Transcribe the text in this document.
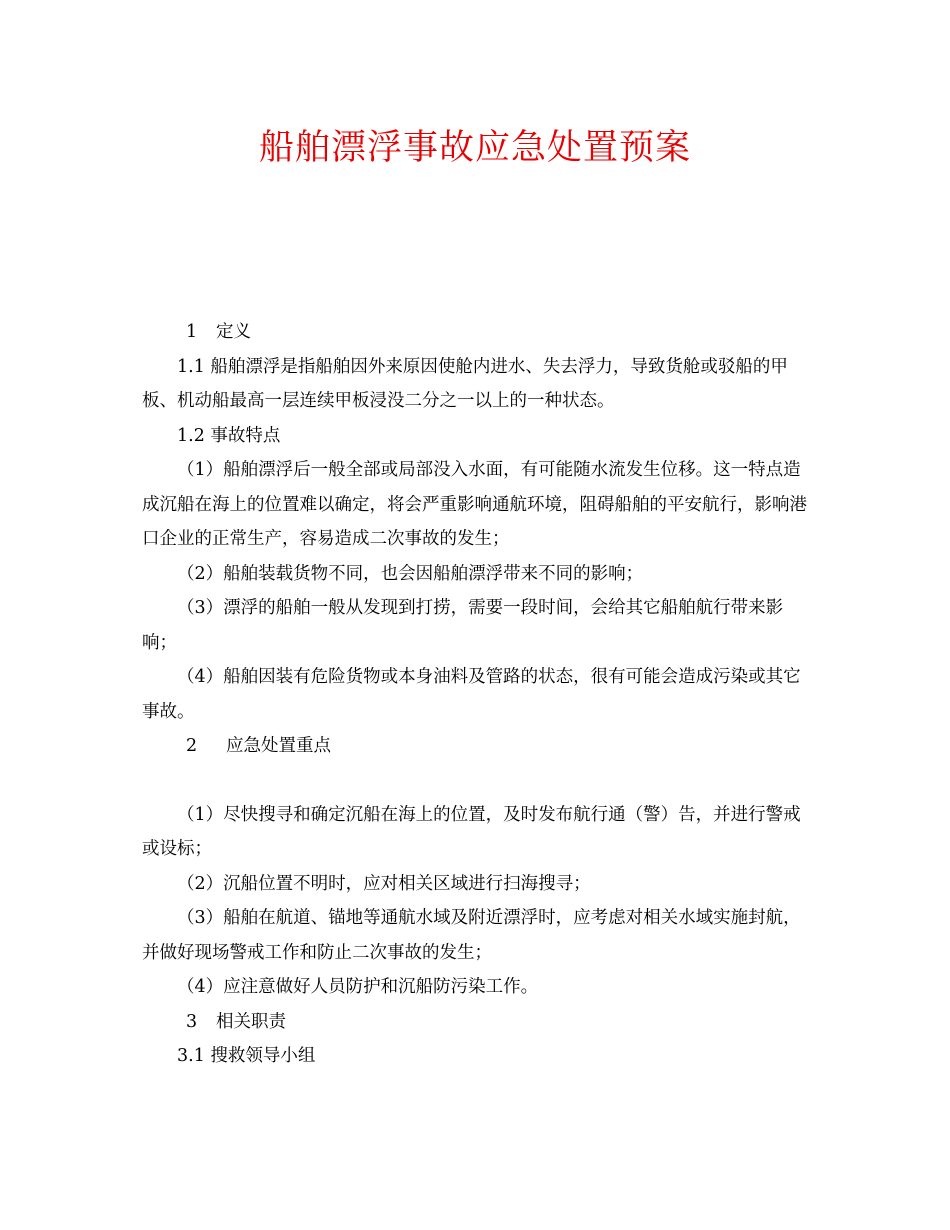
船舶漂浮事故应急处置预案

1 定义

1.1 船舶漂浮是指船舶因外来原因使舱内进水、失去浮力，导致货舱或驳船的甲板、机动船最高一层连续甲板浸没二分之一以上的一种状态。

1.2 事故特点

（1）船舶漂浮后一般全部或局部没入水面，有可能随水流发生位移。这一特点造成沉船在海上的位置难以确定，将会严重影响通航环境，阻碍船舶的平安航行，影响港口企业的正常生产，容易造成二次事故的发生；

（2）船舶装载货物不同，也会因船舶漂浮带来不同的影响；

（3）漂浮的船舶一般从发现到打捞，需要一段时间，会给其它船舶航行带来影响；

（4）船舶因装有危险货物或本身油料及管路的状态，很有可能会造成污染或其它事故。

2 应急处置重点

（1）尽快搜寻和确定沉船在海上的位置，及时发布航行通（警）告，并进行警戒或设标；

（2）沉船位置不明时，应对相关区域进行扫海搜寻；

（3）船舶在航道、锚地等通航水域及附近漂浮时，应考虑对相关水域实施封航，并做好现场警戒工作和防止二次事故的发生；

（4）应注意做好人员防护和沉船防污染工作。

3 相关职责

3.1 搜救领导小组
